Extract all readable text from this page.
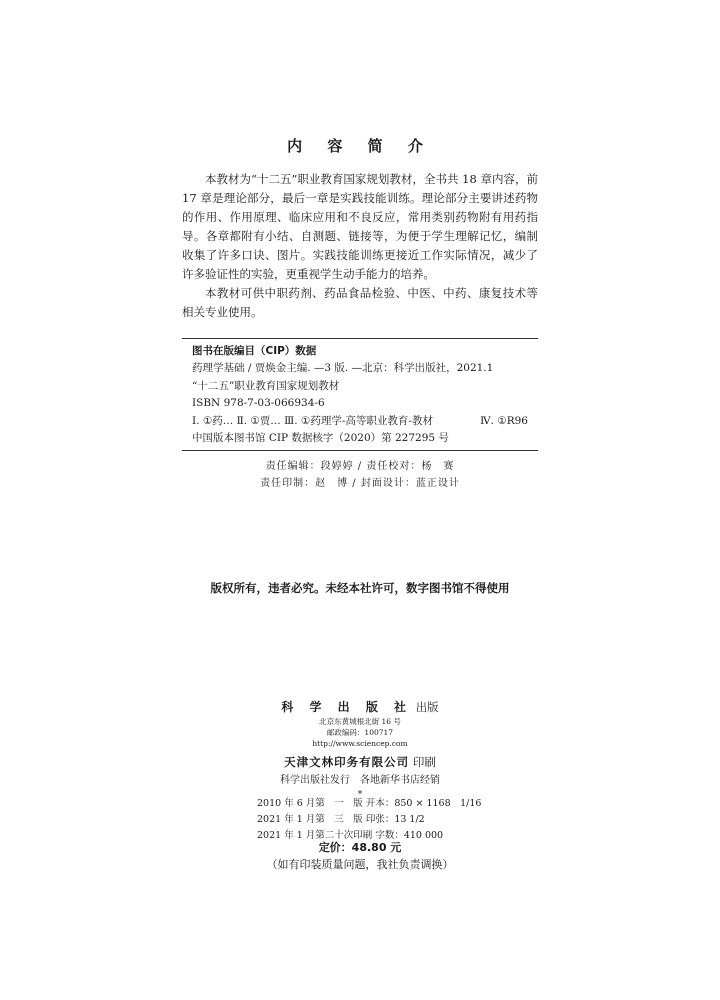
内 容 简 介

本教材为“十二五”职业教育国家规划教材，全书共 18 章内容，前 17 章是理论部分，最后一章是实践技能训练。理论部分主要讲述药物的作用、作用原理、临床应用和不良反应，常用类别药物附有用药指导。各章都附有小结、自测题、链接等，为便于学生理解记忆，编制收集了许多口诀、图片。实践技能训练更接近工作实际情况，减少了许多验证性的实验，更重视学生动手能力的培养。

本教材可供中职药剂、药品食品检验、中医、中药、康复技术等相关专业使用。

图书在版编目（CIP）数据
药理学基础 / 贾焕金主编. —3 版. —北京：科学出版社，2021.1
“十二五”职业教育国家规划教材
ISBN 978-7-03-066934-6
Ⅰ. ①药… Ⅱ. ①贾… Ⅲ. ①药理学-高等职业教育-教材	Ⅳ. ①R96
中国版本图书馆 CIP 数据核字（2020）第 227295 号
责任编辑：段婷婷 / 责任校对：杨　赛
责任印制：赵　博 / 封面设计：蓝正设计
版权所有，违者必究。未经本社许可，数字图书馆不得使用
科 学 出 版 社 出版
北京东黄城根北街 16 号
邮政编码：100717
http://www.sciencep.com
天津文林印务有限公司 印刷
科学出版社发行　各地新华书店经销
*
2010 年 6 月第　一　版 开本：850 × 1168　1/16
2021 年 1 月第　三　版 印张：13 1/2
2021 年 1 月第二十次印刷 字数：410 000
定价：48.80 元
（如有印装质量问题，我社负责调换）
